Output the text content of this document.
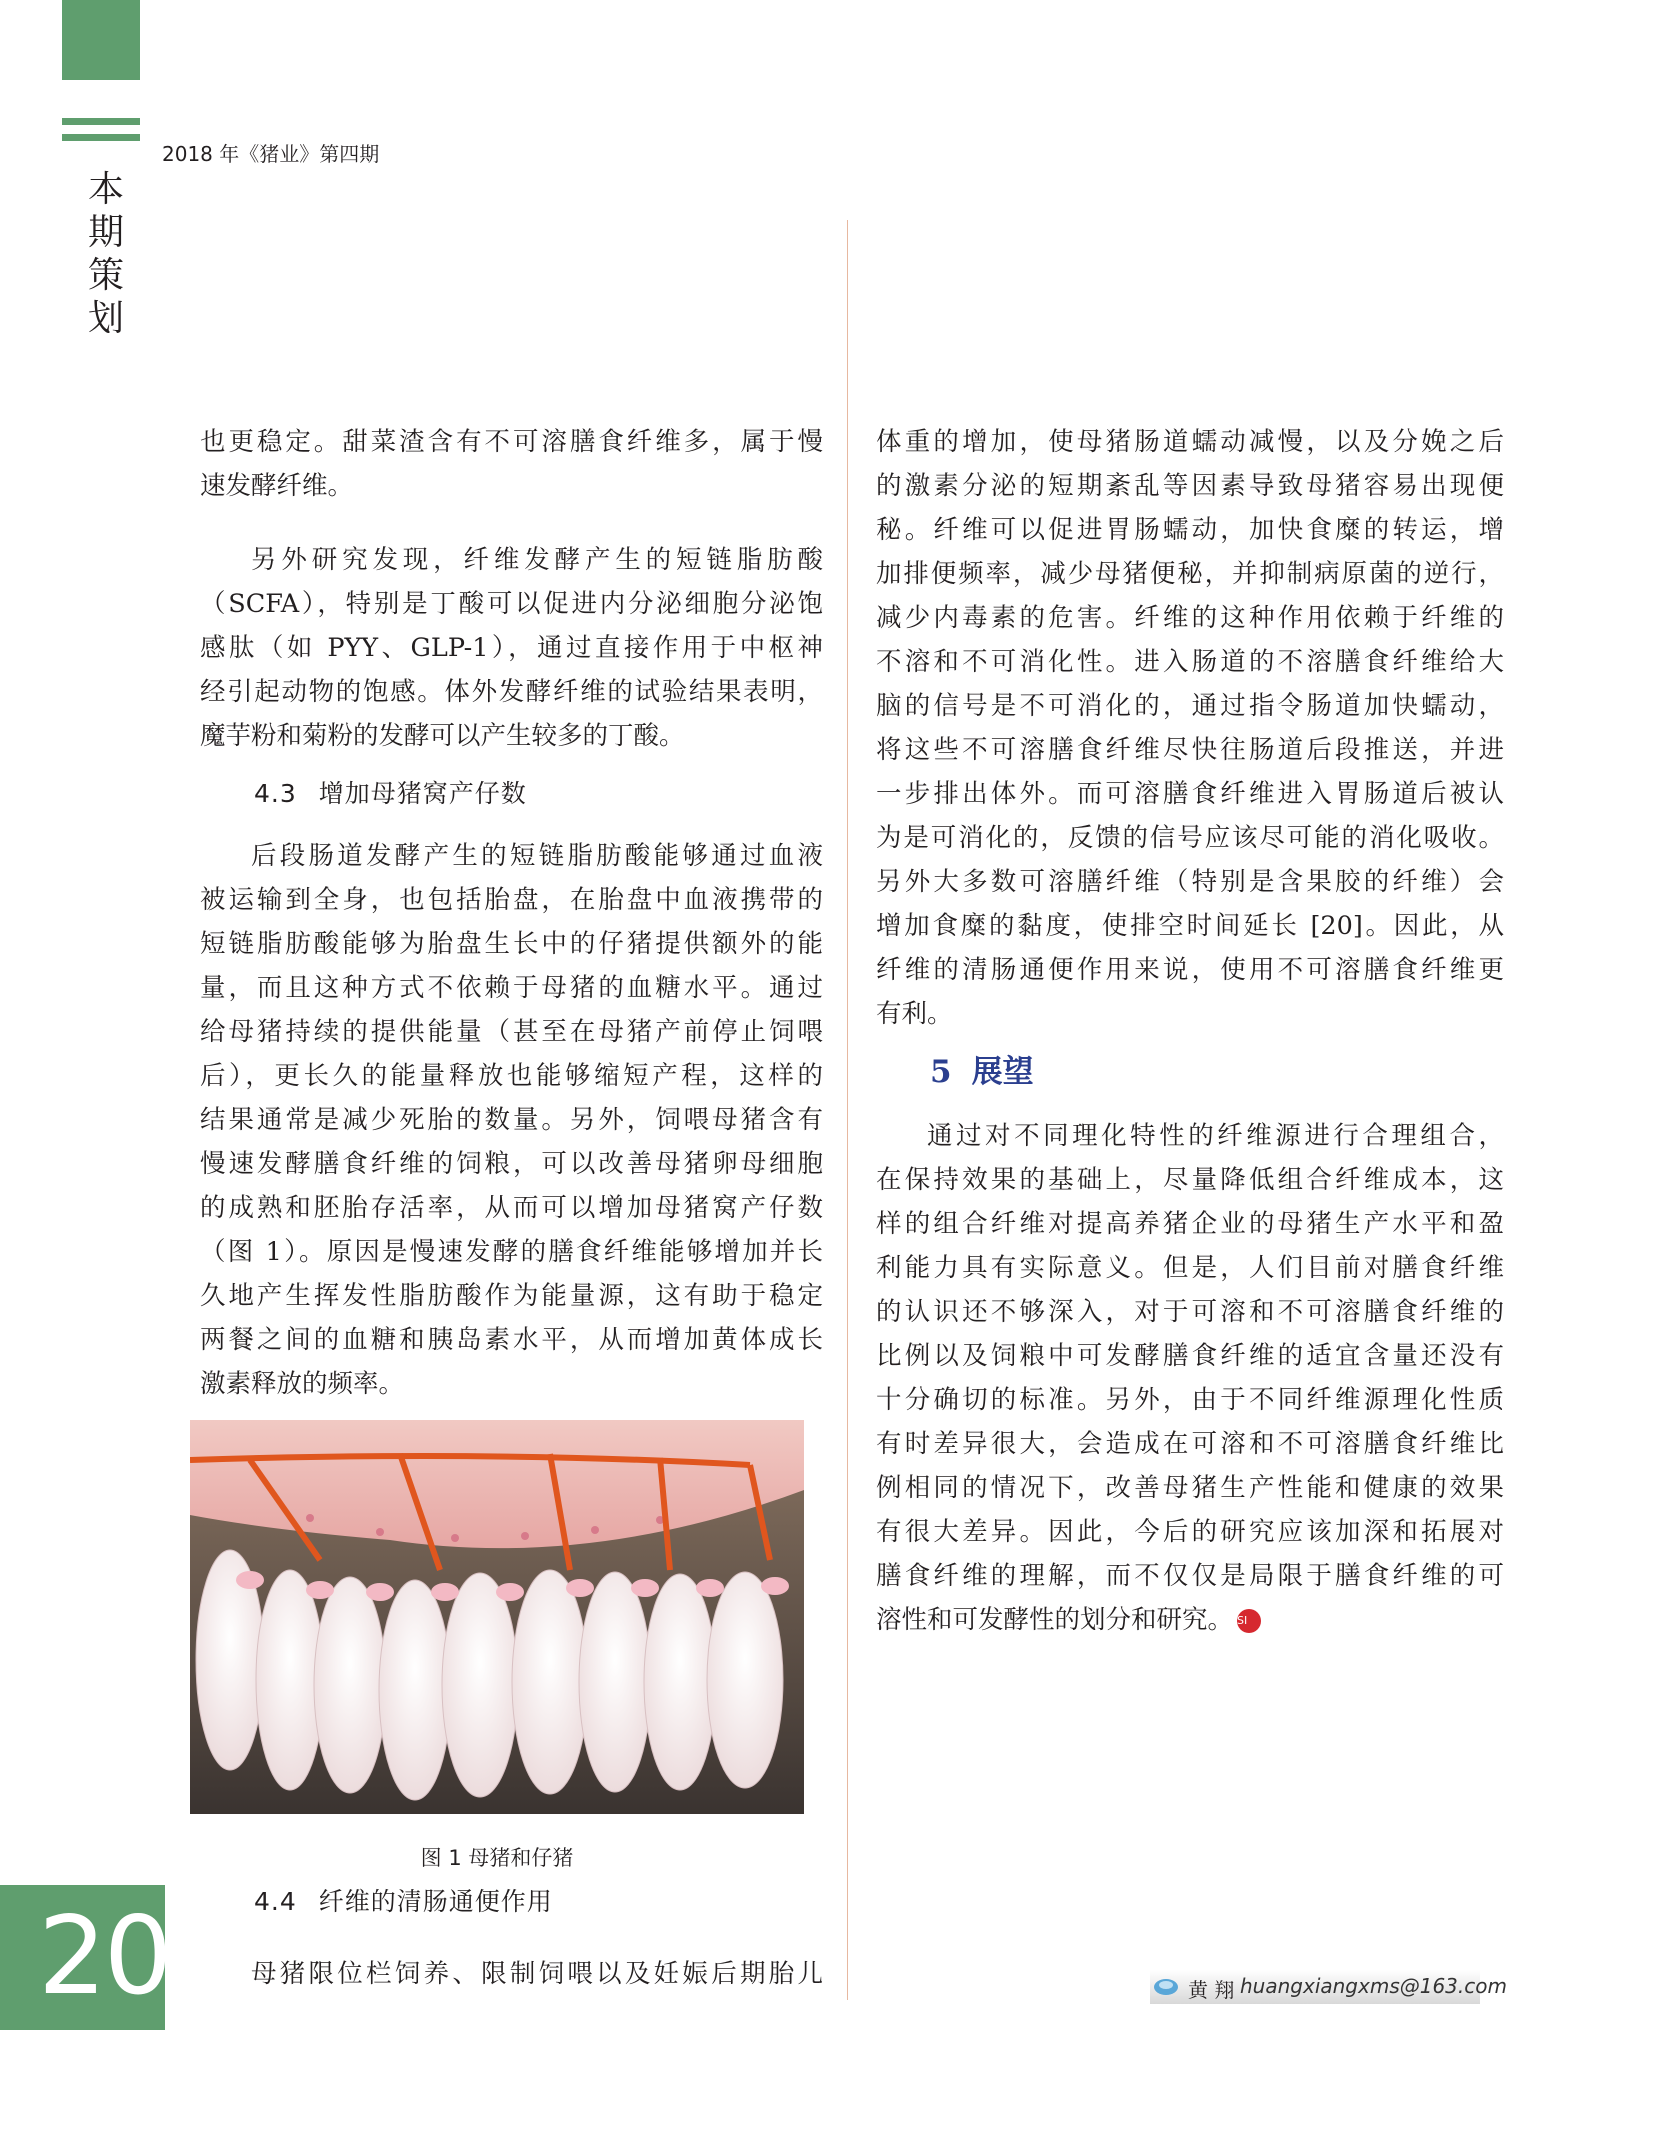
2018 年《猪业》第四期
本
期
策
划

也更稳定。甜菜渣含有不可溶膳食纤维多，属于慢

速发酵纤维。

另外研究发现，纤维发酵产生的短链脂肪酸

（SCFA），特别是丁酸可以促进内分泌细胞分泌饱

感肽（如 PYY、GLP-1），通过直接作用于中枢神

经引起动物的饱感。体外发酵纤维的试验结果表明，

魔芋粉和菊粉的发酵可以产生较多的丁酸。

4.3 增加母猪窝产仔数

后段肠道发酵产生的短链脂肪酸能够通过血液

被运输到全身，也包括胎盘，在胎盘中血液携带的

短链脂肪酸能够为胎盘生长中的仔猪提供额外的能

量，而且这种方式不依赖于母猪的血糖水平。通过

给母猪持续的提供能量（甚至在母猪产前停止饲喂

后），更长久的能量释放也能够缩短产程，这样的

结果通常是减少死胎的数量。另外，饲喂母猪含有

慢速发酵膳食纤维的饲粮，可以改善母猪卵母细胞

的成熟和胚胎存活率，从而可以增加母猪窝产仔数

（图 1）。原因是慢速发酵的膳食纤维能够增加并长

久地产生挥发性脂肪酸作为能量源，这有助于稳定

两餐之间的血糖和胰岛素水平，从而增加黄体成长

激素释放的频率。

图 1 母猪和仔猪
4.4 纤维的清肠通便作用

母猪限位栏饲养、限制饲喂以及妊娠后期胎儿

体重的增加，使母猪肠道蠕动减慢，以及分娩之后

的激素分泌的短期紊乱等因素导致母猪容易出现便

秘。纤维可以促进胃肠蠕动，加快食糜的转运，增

加排便频率，减少母猪便秘，并抑制病原菌的逆行，

减少内毒素的危害。纤维的这种作用依赖于纤维的

不溶和不可消化性。进入肠道的不溶膳食纤维给大

脑的信号是不可消化的，通过指令肠道加快蠕动，

将这些不可溶膳食纤维尽快往肠道后段推送，并进

一步排出体外。而可溶膳食纤维进入胃肠道后被认

为是可消化的，反馈的信号应该尽可能的消化吸收。

另外大多数可溶膳纤维（特别是含果胶的纤维）会

增加食糜的黏度，使排空时间延长 [20]。因此，从

纤维的清肠通便作用来说，使用不可溶膳食纤维更

有利。

5 展望

通过对不同理化特性的纤维源进行合理组合，

在保持效果的基础上，尽量降低组合纤维成本，这

样的组合纤维对提高养猪企业的母猪生产水平和盈

利能力具有实际意义。但是，人们目前对膳食纤维

的认识还不够深入，对于可溶和不可溶膳食纤维的

比例以及饲粮中可发酵膳食纤维的适宜含量还没有

十分确切的标准。另外，由于不同纤维源理化性质

有时差异很大，会造成在可溶和不可溶膳食纤维比

例相同的情况下，改善母猪生产性能和健康的效果

有很大差异。因此，今后的研究应该加深和拓展对

膳食纤维的理解，而不仅仅是局限于膳食纤维的可

溶性和可发酵性的划分和研究。 SI

20	黄 翔 huangxiangxms@163.com
